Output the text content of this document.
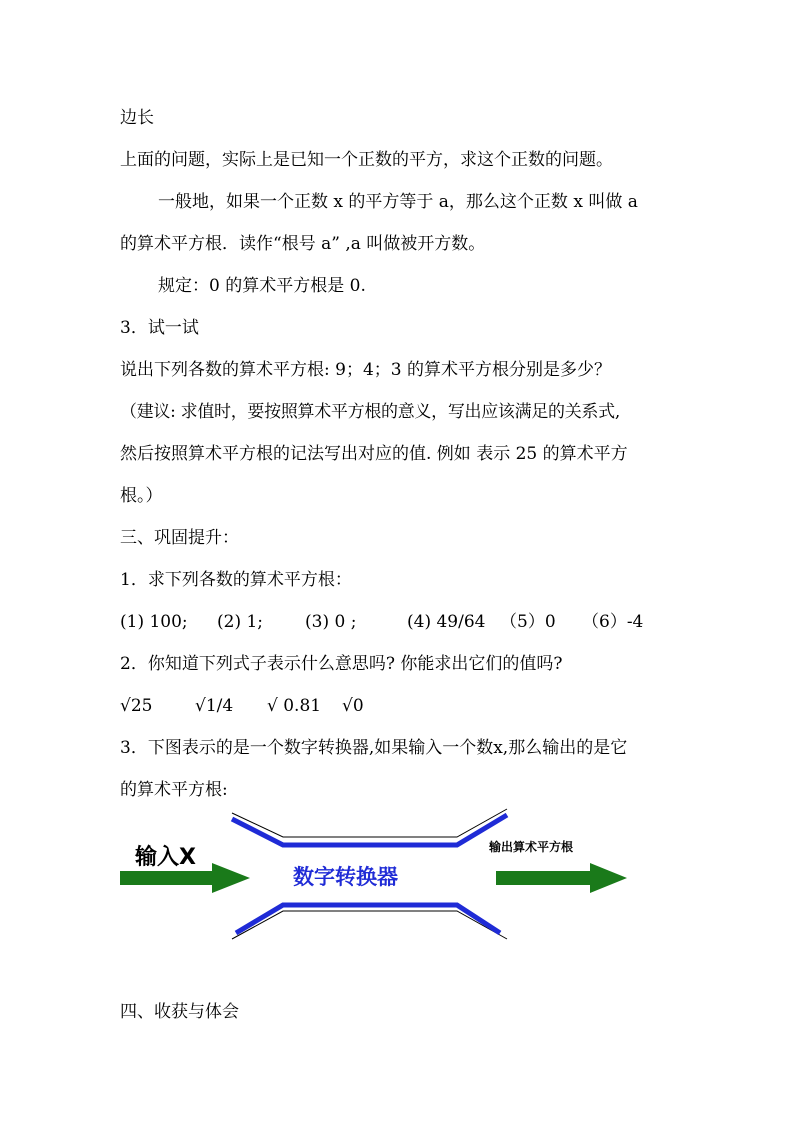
边长
上面的问题，实际上是已知一个正数的平方，求这个正数的问题。
一般地，如果一个正数 x 的平方等于 a，那么这个正数 x 叫做 a
的算术平方根．读作“根号 a” ,a 叫做被开方数。
规定：0 的算术平方根是 0.
3．试一试
说出下列各数的算术平方根: 9；4；3 的算术平方根分别是多少？
（建议: 求值时，要按照算术平方根的意义，写出应该满足的关系式,
然后按照算术平方根的记法写出对应的值. 例如 表示 25 的算术平方
根。）
三、巩固提升：
1．求下列各数的算术平方根：
(1) 100; (2) 1; (3) 0 ;	(4) 49/64 （5）0 （6）-4
2．你知道下列式子表示什么意思吗? 你能求出它们的值吗?
√25	√1/4 √ 0.81 √0
3．下图表示的是一个数字转换器,如果输入一个数x,那么输出的是它
的算术平方根:
输入X
数字转换器
输出算术平方根
四、收获与体会
